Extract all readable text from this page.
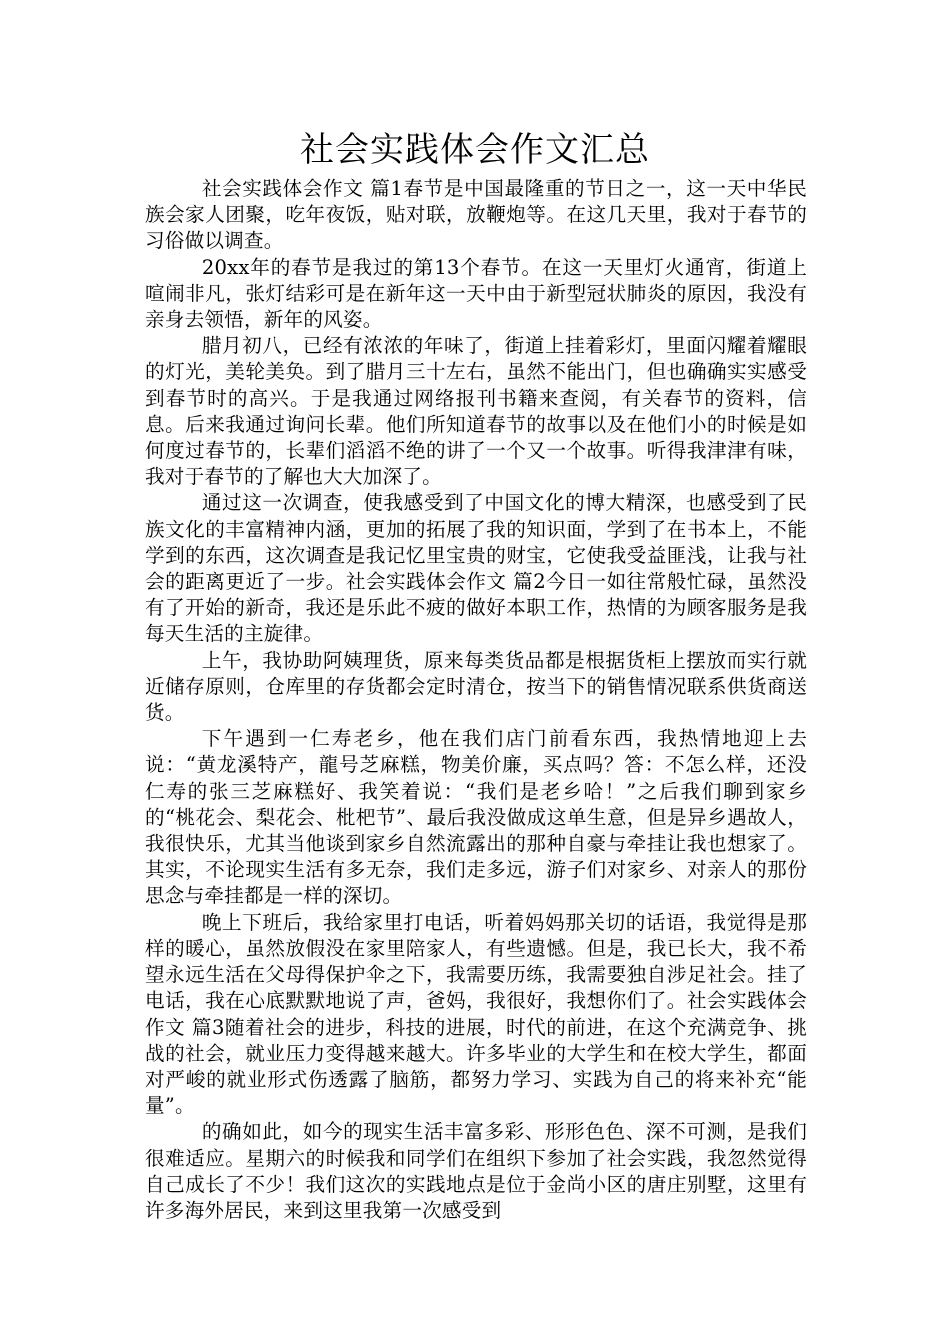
社会实践体会作文汇总

社会实践体会作文 篇1春节是中国最隆重的节日之一，这一天中华民族会家人团聚，吃年夜饭，贴对联，放鞭炮等。在这几天里，我对于春节的习俗做以调查。

20xx年的春节是我过的第13个春节。在这一天里灯火通宵，街道上喧闹非凡，张灯结彩可是在新年这一天中由于新型冠状肺炎的原因，我没有亲身去领悟，新年的风姿。

腊月初八，已经有浓浓的年味了，街道上挂着彩灯，里面闪耀着耀眼的灯光，美轮美奂。到了腊月三十左右，虽然不能出门，但也确确实实感受到春节时的高兴。于是我通过网络报刊书籍来查阅，有关春节的资料，信息。后来我通过询问长辈。他们所知道春节的故事以及在他们小的时候是如何度过春节的，长辈们滔滔不绝的讲了一个又一个故事。听得我津津有味，我对于春节的了解也大大加深了。

通过这一次调查，使我感受到了中国文化的博大精深，也感受到了民族文化的丰富精神内涵，更加的拓展了我的知识面，学到了在书本上，不能学到的东西，这次调查是我记忆里宝贵的财宝，它使我受益匪浅，让我与社会的距离更近了一步。社会实践体会作文 篇2今日一如往常般忙碌，虽然没有了开始的新奇，我还是乐此不疲的做好本职工作，热情的为顾客服务是我每天生活的主旋律。

上午，我协助阿姨理货，原来每类货品都是根据货柜上摆放而实行就近储存原则，仓库里的存货都会定时清仓，按当下的销售情况联系供货商送货。

下午遇到一仁寿老乡，他在我们店门前看东西，我热情地迎上去说：“黄龙溪特产，龍号芝麻糕，物美价廉，买点吗？答：不怎么样，还没仁寿的张三芝麻糕好、我笑着说：“我们是老乡哈！”之后我们聊到家乡的“桃花会、梨花会、枇杷节”、最后我没做成这单生意，但是异乡遇故人，我很快乐，尤其当他谈到家乡自然流露出的那种自豪与牵挂让我也想家了。其实，不论现实生活有多无奈，我们走多远，游子们对家乡、对亲人的那份思念与牵挂都是一样的深切。

晚上下班后，我给家里打电话，听着妈妈那关切的话语，我觉得是那样的暖心，虽然放假没在家里陪家人，有些遗憾。但是，我已长大，我不希望永远生活在父母得保护伞之下，我需要历练，我需要独自涉足社会。挂了电话，我在心底默默地说了声，爸妈，我很好，我想你们了。社会实践体会作文 篇3随着社会的进步，科技的进展，时代的前进，在这个充满竞争、挑战的社会，就业压力变得越来越大。许多毕业的大学生和在校大学生，都面对严峻的就业形式伤透露了脑筋，都努力学习、实践为自己的将来补充“能量”。

的确如此，如今的现实生活丰富多彩、形形色色、深不可测，是我们很难适应。星期六的时候我和同学们在组织下参加了社会实践，我忽然觉得自己成长了不少！我们这次的实践地点是位于金尚小区的唐庄别墅，这里有许多海外居民，来到这里我第一次感受到
